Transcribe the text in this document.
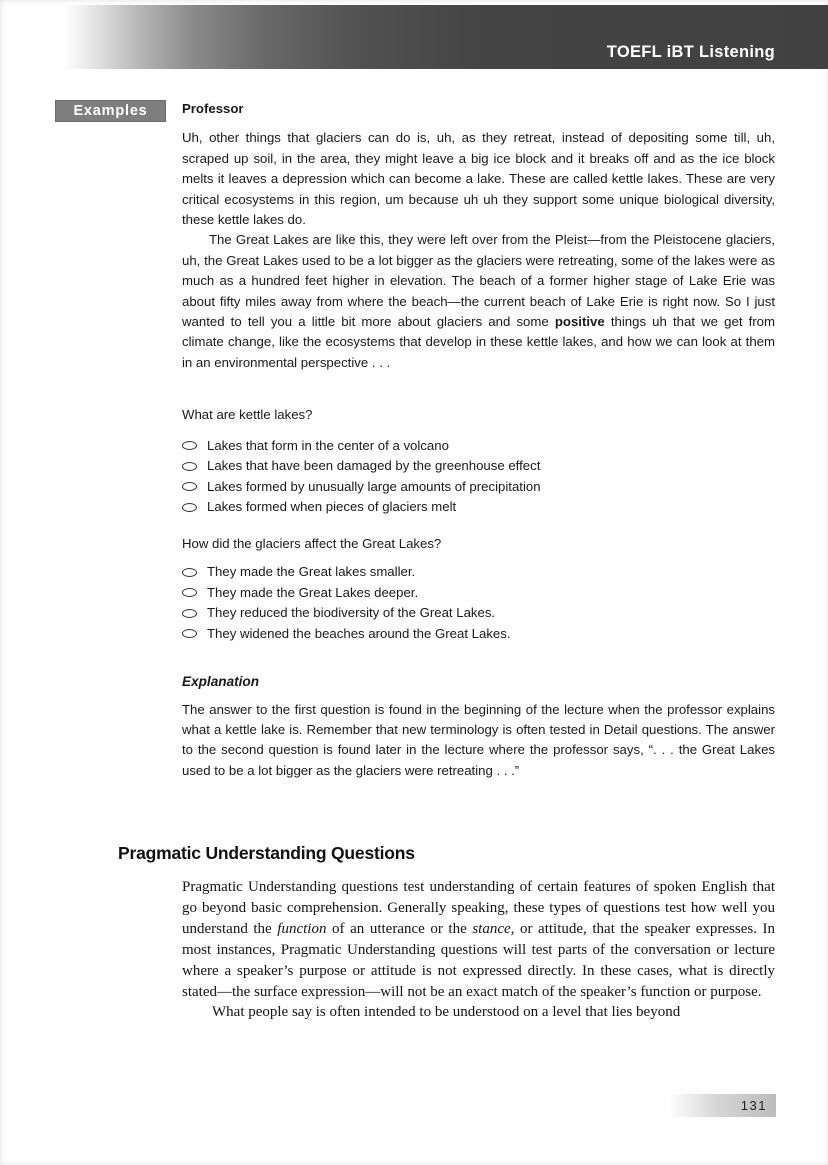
TOEFL iBT Listening
Examples	Professor

Uh, other things that glaciers can do is, uh, as they retreat, instead of depositing some till, uh, scraped up soil, in the area, they might leave a big ice block and it breaks off and as the ice block melts it leaves a depression which can become a lake. These are called kettle lakes. These are very critical ecosystems in this region, um because uh uh they support some unique biological diversity, these kettle lakes do.

The Great Lakes are like this, they were left over from the Pleist—from the Pleistocene glaciers, uh, the Great Lakes used to be a lot bigger as the glaciers were retreating, some of the lakes were as much as a hundred feet higher in elevation. The beach of a former higher stage of Lake Erie was about fifty miles away from where the beach—the current beach of Lake Erie is right now. So I just wanted to tell you a little bit more about glaciers and some positive things uh that we get from climate change, like the ecosystems that develop in these kettle lakes, and how we can look at them in an environmental perspective . . .

What are kettle lakes?

Lakes that form in the center of a volcano
Lakes that have been damaged by the greenhouse effect
Lakes formed by unusually large amounts of precipitation
Lakes formed when pieces of glaciers melt

How did the glaciers affect the Great Lakes?

They made the Great lakes smaller.
They made the Great Lakes deeper.
They reduced the biodiversity of the Great Lakes.
They widened the beaches around the Great Lakes.

Explanation

The answer to the first question is found in the beginning of the lecture when the professor explains what a kettle lake is. Remember that new terminology is often tested in Detail questions. The answer to the second question is found later in the lecture where the professor says, “. . . the Great Lakes used to be a lot bigger as the glaciers were retreating . . .”

Pragmatic Understanding Questions

Pragmatic Understanding questions test understanding of certain features of spoken English that go beyond basic comprehension. Generally speaking, these types of questions test how well you understand the function of an utterance or the stance, or attitude, that the speaker expresses. In most instances, Pragmatic Understanding questions will test parts of the conversation or lecture where a speaker’s purpose or attitude is not expressed directly. In these cases, what is directly stated—the surface expression—will not be an exact match of the speaker’s function or purpose.

What people say is often intended to be understood on a level that lies beyond

131
